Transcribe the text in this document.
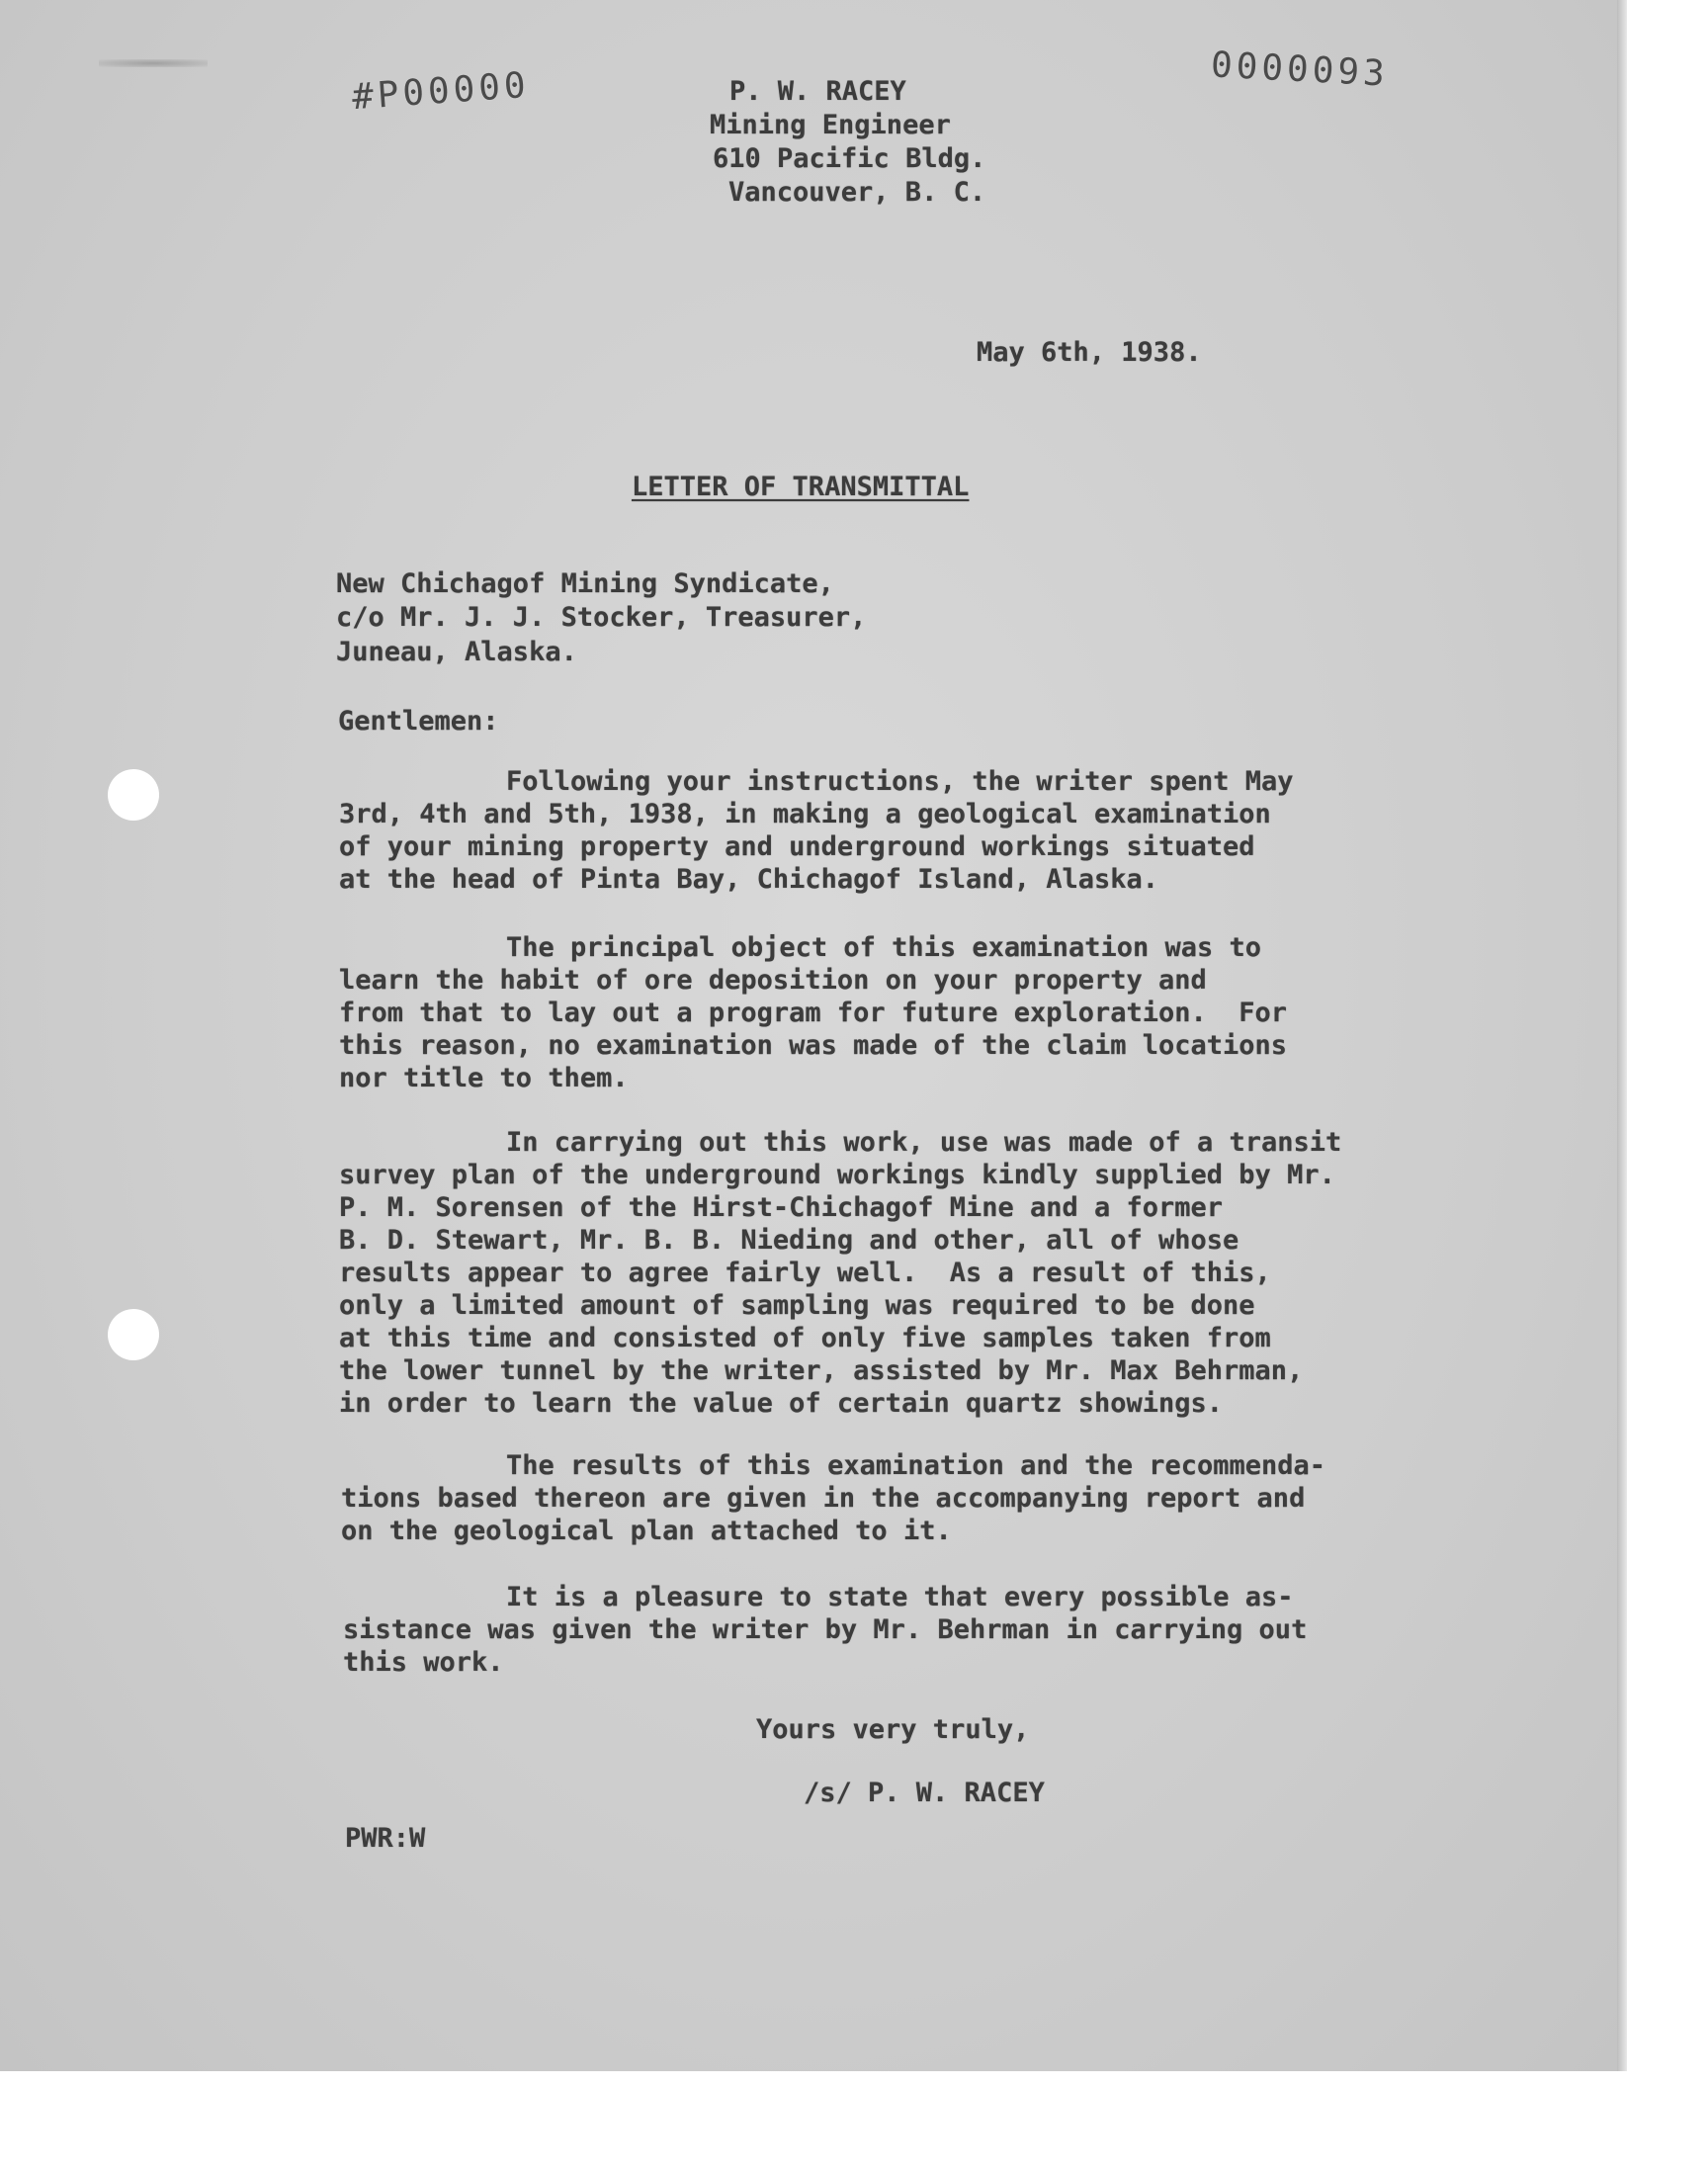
#P00000	0000093
P. W. RACEY
Mining Engineer
610 Pacific Bldg.
Vancouver, B. C.
May 6th, 1938.
LETTER OF TRANSMITTAL
New Chichagof Mining Syndicate,
c/o Mr. J. J. Stocker, Treasurer,
Juneau, Alaska.
Gentlemen:
Following your instructions, the writer spent May
3rd, 4th and 5th, 1938, in making a geological examination
of your mining property and underground workings situated
at the head of Pinta Bay, Chichagof Island, Alaska.
The principal object of this examination was to
learn the habit of ore deposition on your property and
from that to lay out a program for future exploration.  For
this reason, no examination was made of the claim locations
nor title to them.
In carrying out this work, use was made of a transit
survey plan of the underground workings kindly supplied by Mr.
P. M. Sorensen of the Hirst-Chichagof Mine and a former
B. D. Stewart, Mr. B. B. Nieding and other, all of whose
results appear to agree fairly well.  As a result of this,
only a limited amount of sampling was required to be done
at this time and consisted of only five samples taken from
the lower tunnel by the writer, assisted by Mr. Max Behrman,
in order to learn the value of certain quartz showings.
The results of this examination and the recommenda-
tions based thereon are given in the accompanying report and
on the geological plan attached to it.
It is a pleasure to state that every possible as-
sistance was given the writer by Mr. Behrman in carrying out
this work.
Yours very truly,
/s/ P. W. RACEY
PWR:W
